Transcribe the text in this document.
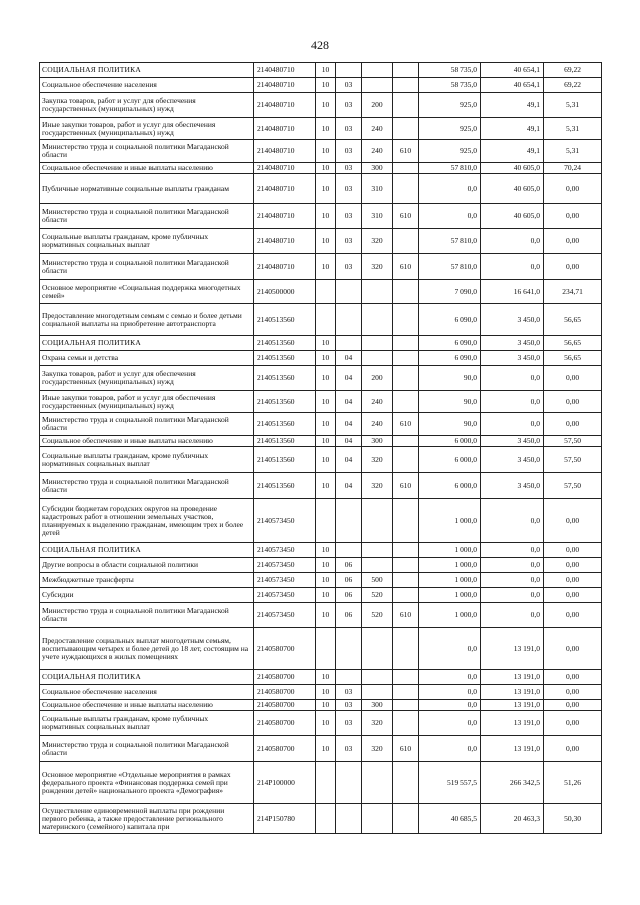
428
СОЦИАЛЬНАЯ ПОЛИТИКА	2140480710	10				58 735,0	40 654,1	69,22
Социальное обеспечение населения	2140480710	10	03			58 735,0	40 654,1	69,22
Закупка товаров, работ и услуг для обеспечения государственных (муниципальных) нужд	2140480710	10	03	200		925,0	49,1	5,31
Иные закупки товаров, работ и услуг для обеспечения государственных (муниципальных) нужд	2140480710	10	03	240		925,0	49,1	5,31
Министерство труда и социальной политики Магаданской области	2140480710	10	03	240	610	925,0	49,1	5,31
Социальное обеспечение и иные выплаты населению	2140480710	10	03	300		57 810,0	40 605,0	70,24
Публичные нормативные социальные выплаты гражданам	2140480710	10	03	310		0,0	40 605,0	0,00
Министерство труда и социальной политики Магаданской области	2140480710	10	03	310	610	0,0	40 605,0	0,00
Социальные выплаты гражданам, кроме публичных нормативных социальных выплат	2140480710	10	03	320		57 810,0	0,0	0,00
Министерство труда и социальной политики Магаданской области	2140480710	10	03	320	610	57 810,0	0,0	0,00
Основное мероприятие «Социальная поддержка многодетных семей»	2140500000					7 090,0	16 641,0	234,71
Предоставление многодетным семьям с семью и более детьми социальной выплаты на приобретение автотранспорта	2140513560					6 090,0	3 450,0	56,65
СОЦИАЛЬНАЯ ПОЛИТИКА	2140513560	10				6 090,0	3 450,0	56,65
Охрана семьи и детства	2140513560	10	04			6 090,0	3 450,0	56,65
Закупка товаров, работ и услуг для обеспечения государственных (муниципальных) нужд	2140513560	10	04	200		90,0	0,0	0,00
Иные закупки товаров, работ и услуг для обеспечения государственных (муниципальных) нужд	2140513560	10	04	240		90,0	0,0	0,00
Министерство труда и социальной политики Магаданской области	2140513560	10	04	240	610	90,0	0,0	0,00
Социальное обеспечение и иные выплаты населению	2140513560	10	04	300		6 000,0	3 450,0	57,50
Социальные выплаты гражданам, кроме публичных нормативных социальных выплат	2140513560	10	04	320		6 000,0	3 450,0	57,50
Министерство труда и социальной политики Магаданской области	2140513560	10	04	320	610	6 000,0	3 450,0	57,50
Субсидии бюджетам городских округов на проведение кадастровых работ в отношении земельных участков, планируемых к выделению гражданам, имеющим трех и более детей	2140573450					1 000,0	0,0	0,00
СОЦИАЛЬНАЯ ПОЛИТИКА	2140573450	10				1 000,0	0,0	0,00
Другие вопросы в области социальной политики	2140573450	10	06			1 000,0	0,0	0,00
Межбюджетные трансферты	2140573450	10	06	500		1 000,0	0,0	0,00
Субсидии	2140573450	10	06	520		1 000,0	0,0	0,00
Министерство труда и социальной политики Магаданской области	2140573450	10	06	520	610	1 000,0	0,0	0,00
Предоставление социальных выплат многодетным семьям, воспитывающим четырех и более детей до 18 лет, состоящим на учете нуждающихся в жилых помещениях	2140580700					0,0	13 191,0	0,00
СОЦИАЛЬНАЯ ПОЛИТИКА	2140580700	10				0,0	13 191,0	0,00
Социальное обеспечение населения	2140580700	10	03			0,0	13 191,0	0,00
Социальное обеспечение и иные выплаты населению	2140580700	10	03	300		0,0	13 191,0	0,00
Социальные выплаты гражданам, кроме публичных нормативных социальных выплат	2140580700	10	03	320		0,0	13 191,0	0,00
Министерство труда и социальной политики Магаданской области	2140580700	10	03	320	610	0,0	13 191,0	0,00
Основное мероприятие «Отдельные мероприятия в рамках федерального проекта «Финансовая поддержка семей при рождении детей» национального проекта «Демография»	214P100000					519 557,5	266 342,5	51,26
Осуществление единовременной выплаты при рождении первого ребенка, а также предоставление регионального материнского (семейного) капитала при	214P150780					40 685,5	20 463,3	50,30
